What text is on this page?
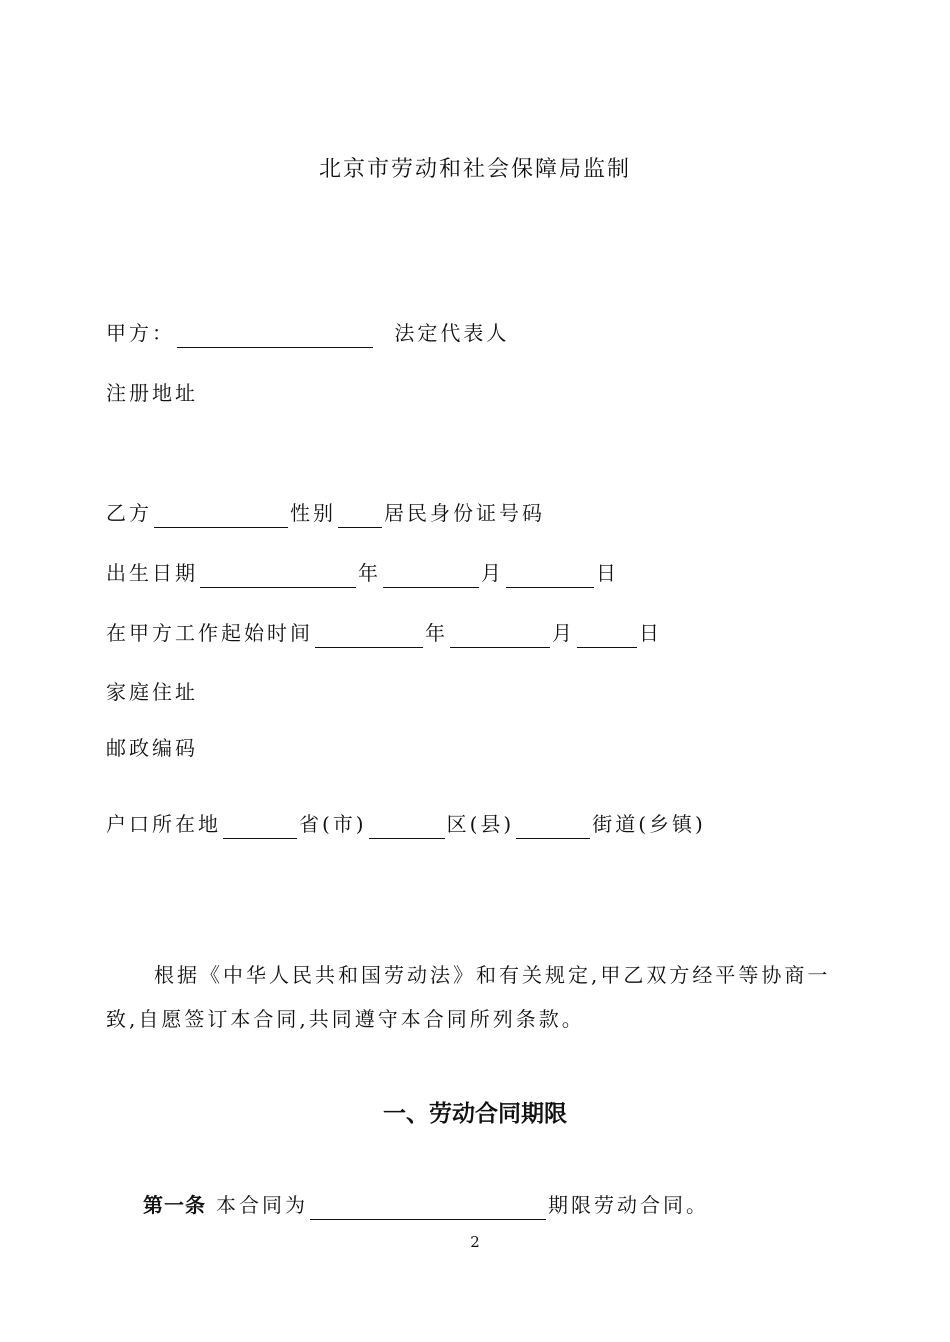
北京市劳动和社会保障局监制
甲方：	法定代表人
注册地址
乙方	性别 居民身份证号码
出生日期	年	月	日
在甲方工作起始时间	年	月	日
家庭住址
邮政编码
户口所在地	省(市)	区(县)	街道(乡镇)
根据《中华人民共和国劳动法》和有关规定,甲乙双方经平等协商一致,自愿签订本合同,共同遵守本合同所列条款。
一、劳动合同期限
第一条 本合同为	期限劳动合同。
2
